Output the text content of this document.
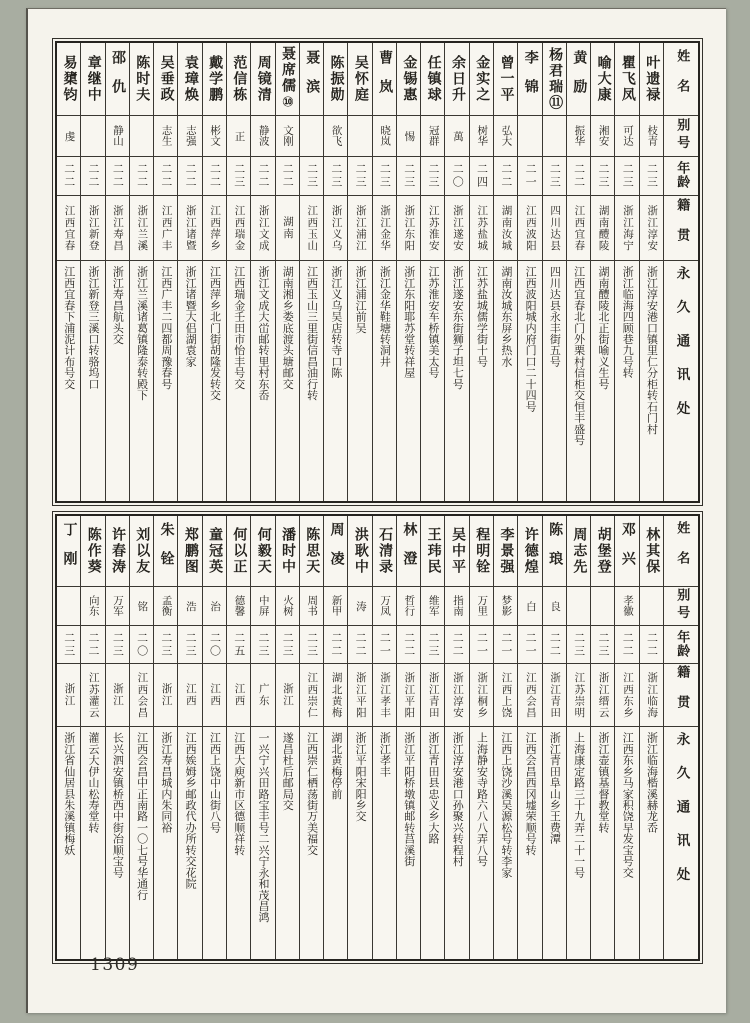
姓名
别号
年龄
籍贯
永久通讯处
叶遗禄
枝青
二三
浙江淳安
浙江淳安港口镇里仁分柜转石门村
瞿飞凤
可达
二三
浙江海宁
浙江临海四顾巷九号转
喻大康
湘安
二三
湖南醴陵
湖南醴陵北正街喻义生号
黄励
振华
二二
江西宜春
江西宜春北门外栗村信柜交恒丰盛号
杨君瑞⑪
二三
四川达县
四川达县永丰街五号
李锦
二一
江西波阳
江西波阳城内府门口二十四号
曾一平
弘大
二二
湖南汝城
湖南汝城东屏乡热水
金实之
树华
二四
江苏盐城
江苏盐城儒学街十号
余日升
萬
二〇
浙江遂安
浙江遂安东街狮子坦七号
任镇球
冠群
二三
江苏淮安
江苏淮安车桥镇美太号
金锡惠
惕
二三
浙江东阳
浙江东阳耶苏堂转祥屋
曹岚
晓岚
二三
浙江金华
浙江金华鞋塘转洞井
吴怀庭
二三
浙江浦江
浙江浦江前吴
陈振勋
欲飞
二三
浙江义乌
浙江义乌吴店转寺口陈
聂滨
二三
江西玉山
江西玉山三里街信昌油行转
聂席儒⑩
文刚
二二
湖南
湖南湘乡娄底渡头塘邮交
周镜清
静波
二二
浙江文成
浙江文成大峃邮转里村东岙
范信栋
正
二三
江西瑞金
江西瑞金壬田市怡丰号交
戴学鹏
彬文
二二
江西萍乡
江西萍乡北门街胡隆发转交
袁璋焕
志强
二二
浙江诸暨
浙江诸暨大侣湖袁家
吴垂政
志生
二二
江西广丰
江西广丰二四都周豫春号
陈时夫
二二
浙江兰溪
浙江兰溪诸葛镇隆泰转殿下
邵仇
静山
二二
浙江寿昌
浙江寿昌航头交
章继中
二二
浙江新登
浙江新登三溪口转骆坞口
易橥钧
虔
二二
江西宜春
江西宜春下浦泥计布号交
姓名
别号
年龄
籍贯
永久通讯处
林其保
二二
浙江临海
浙江临海楷溪赫龙岙
邓兴
孝徽
二二
江西东乡
江西东乡马家积饶早发宝号交
胡堡登
二三
浙江缙云
浙江壶镇基督教堂转
周志先
二三
江苏崇明
上海康定路三十九弄二十一号
陈琅
良
二二
浙江青田
浙江青田阜山乡王费潭
许德煌
白
二一
江西会昌
江西会昌西冈墟荣顺号转
李景强
梦影
二一
江西上饶
江西上饶沙溪吴源松号转李家
程明铨
万里
二一
浙江桐乡
上海静安寺路六八八弄八号
吴中平
指南
二二
浙江淳安
浙江淳安港口孙聚兴转程村
王玮民
维军
二三
浙江青田
浙江青田县忠义乡大路
林澄
哲行
二二
浙江平阳
浙江平阳桥墩镇邮转莒溪街
石清录
万凤
二一
浙江孝丰
浙江孝丰
洪耿中
涛
二二
浙江平阳
浙江平阳宋阳乡交
周凌
新甲
二二
湖北黄梅
湖北黄梅停前
陈思天
周书
二三
江西崇仁
江西崇仁栖荡街万美福交
潘时中
火树
二三
浙江
遂昌杜后邮局交
何毅天
中屏
二三
广东
一兴宁兴田路宝丰号二兴宁永和茂昌鸿
何以正
德馨
二五
江西
江西大庾新市区德顺祥转
童冠英
治
二〇
江西
江西上饶中山街八号
郑鹏图
浩
二三
江西
江西娭姆乡邮政代办所转交花院
朱铨
孟衡
二三
浙江
浙江寿昌城内朱同裕
刘以友
铭
二〇
江西会昌
江西会昌中正南路一〇七号华通行
许春涛
万军
二三
浙江
长兴泗安镇桥西中街冶顺宝号
陈作葵
向东
二二
江苏灌云
灌云大伊山松寿堂转
丁刚
二三
浙江
浙江省仙居县朱溪镇梅妖
1309
